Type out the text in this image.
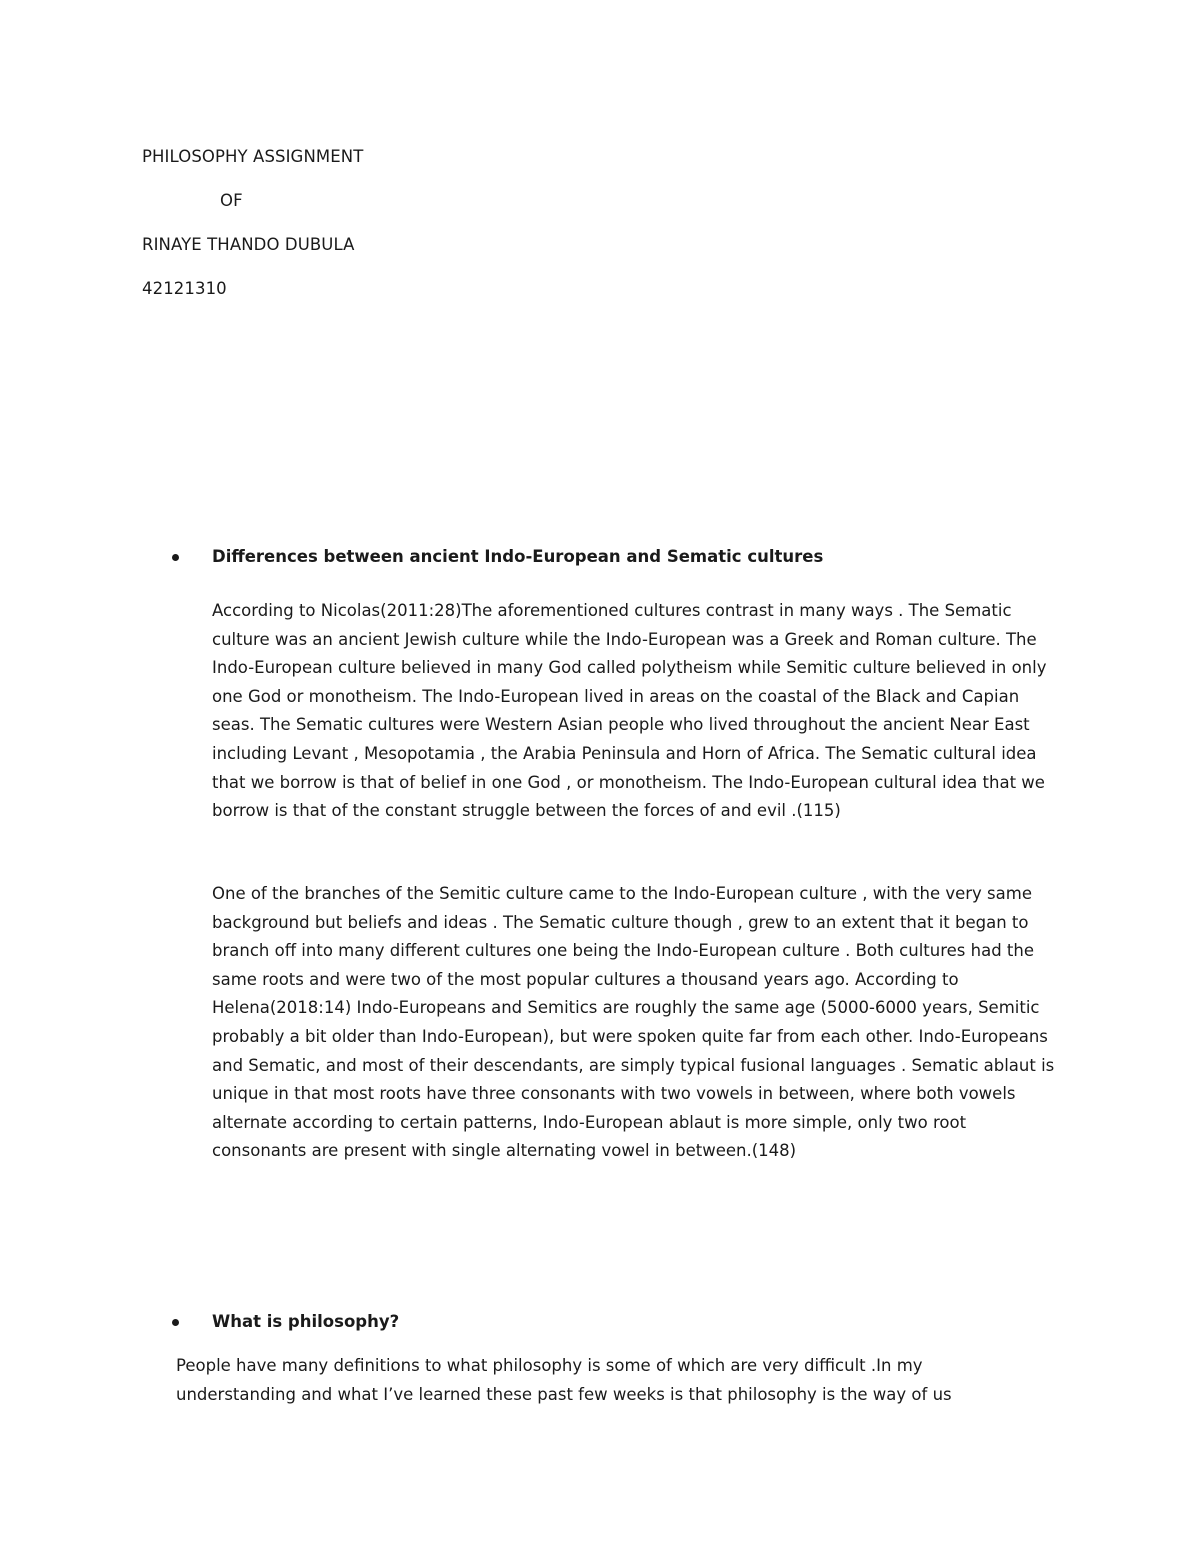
PHILOSOPHY ASSIGNMENT
OF
RINAYE THANDO DUBULA
42121310
Differences between ancient Indo-European and Sematic cultures

According to Nicolas(2011:28)The aforementioned cultures contrast in many ways . The Sematic culture was an ancient Jewish culture while the Indo-European was a Greek and Roman culture. The Indo-European culture believed in many God called polytheism while Semitic culture believed in only one God or monotheism. The Indo-European lived in areas on the coastal of the Black and Capian seas. The Sematic cultures were Western Asian people who lived throughout the ancient Near East including Levant , Mesopotamia , the Arabia Peninsula and Horn of Africa. The Sematic cultural idea that we borrow is that of belief in one God , or monotheism. The Indo-European cultural idea that we borrow is that of the constant struggle between the forces of and evil .(115)

One of the branches of the Semitic culture came to the Indo-European culture , with the very same background but beliefs and ideas . The Sematic culture though , grew to an extent that it began to branch off into many different cultures one being the Indo-European culture . Both cultures had the same roots and were two of the most popular cultures a thousand years ago. According to Helena(2018:14) Indo-Europeans and Semitics are roughly the same age (5000-6000 years, Semitic probably a bit older than Indo-European), but were spoken quite far from each other. Indo-Europeans and Sematic, and most of their descendants, are simply typical fusional languages . Sematic ablaut is unique in that most roots have three consonants with two vowels in between, where both vowels alternate according to certain patterns, Indo-European ablaut is more simple, only two root consonants are present with single alternating vowel in between.(148)

What is philosophy?

People have many definitions to what philosophy is some of which are very difficult .In my understanding and what I’ve learned these past few weeks is that philosophy is the way of us
